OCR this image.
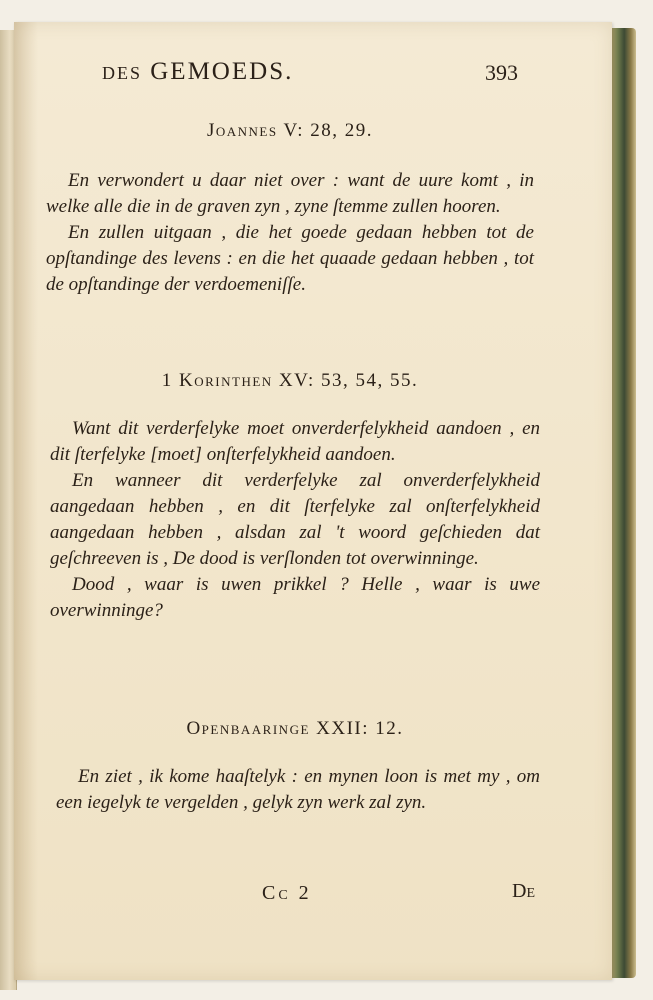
des GEMOEDS.	393
Joannes V: 28, 29.

En verwondert u daar niet over : want de uure komt , in welke alle die in de graven zyn , zyne ſtemme zullen hooren.

En zullen uitgaan , die het goede gedaan hebben tot de opſtandinge des levens : en die het quaade gedaan hebben , tot de opſtandinge der verdoemeniſſe.

1 Korinthen XV: 53, 54, 55.

Want dit verderfelyke moet onverderfelykheid aandoen , en dit ſterfelyke [moet] onſterfelykheid aandoen.

En wanneer dit verderfelyke zal onverderfelykheid aangedaan hebben , en dit ſterfelyke zal onſterfelykheid aangedaan hebben , alsdan zal 't woord geſchieden dat geſchreeven is , De dood is verſlonden tot overwinninge.

Dood , waar is uwen prikkel ? Helle , waar is uwe overwinninge?

Openbaaringe XXII: 12.

En ziet , ik kome haaſtelyk : en mynen loon is met my , om een iegelyk te vergelden , gelyk zyn werk zal zyn.

Cc 2	De
